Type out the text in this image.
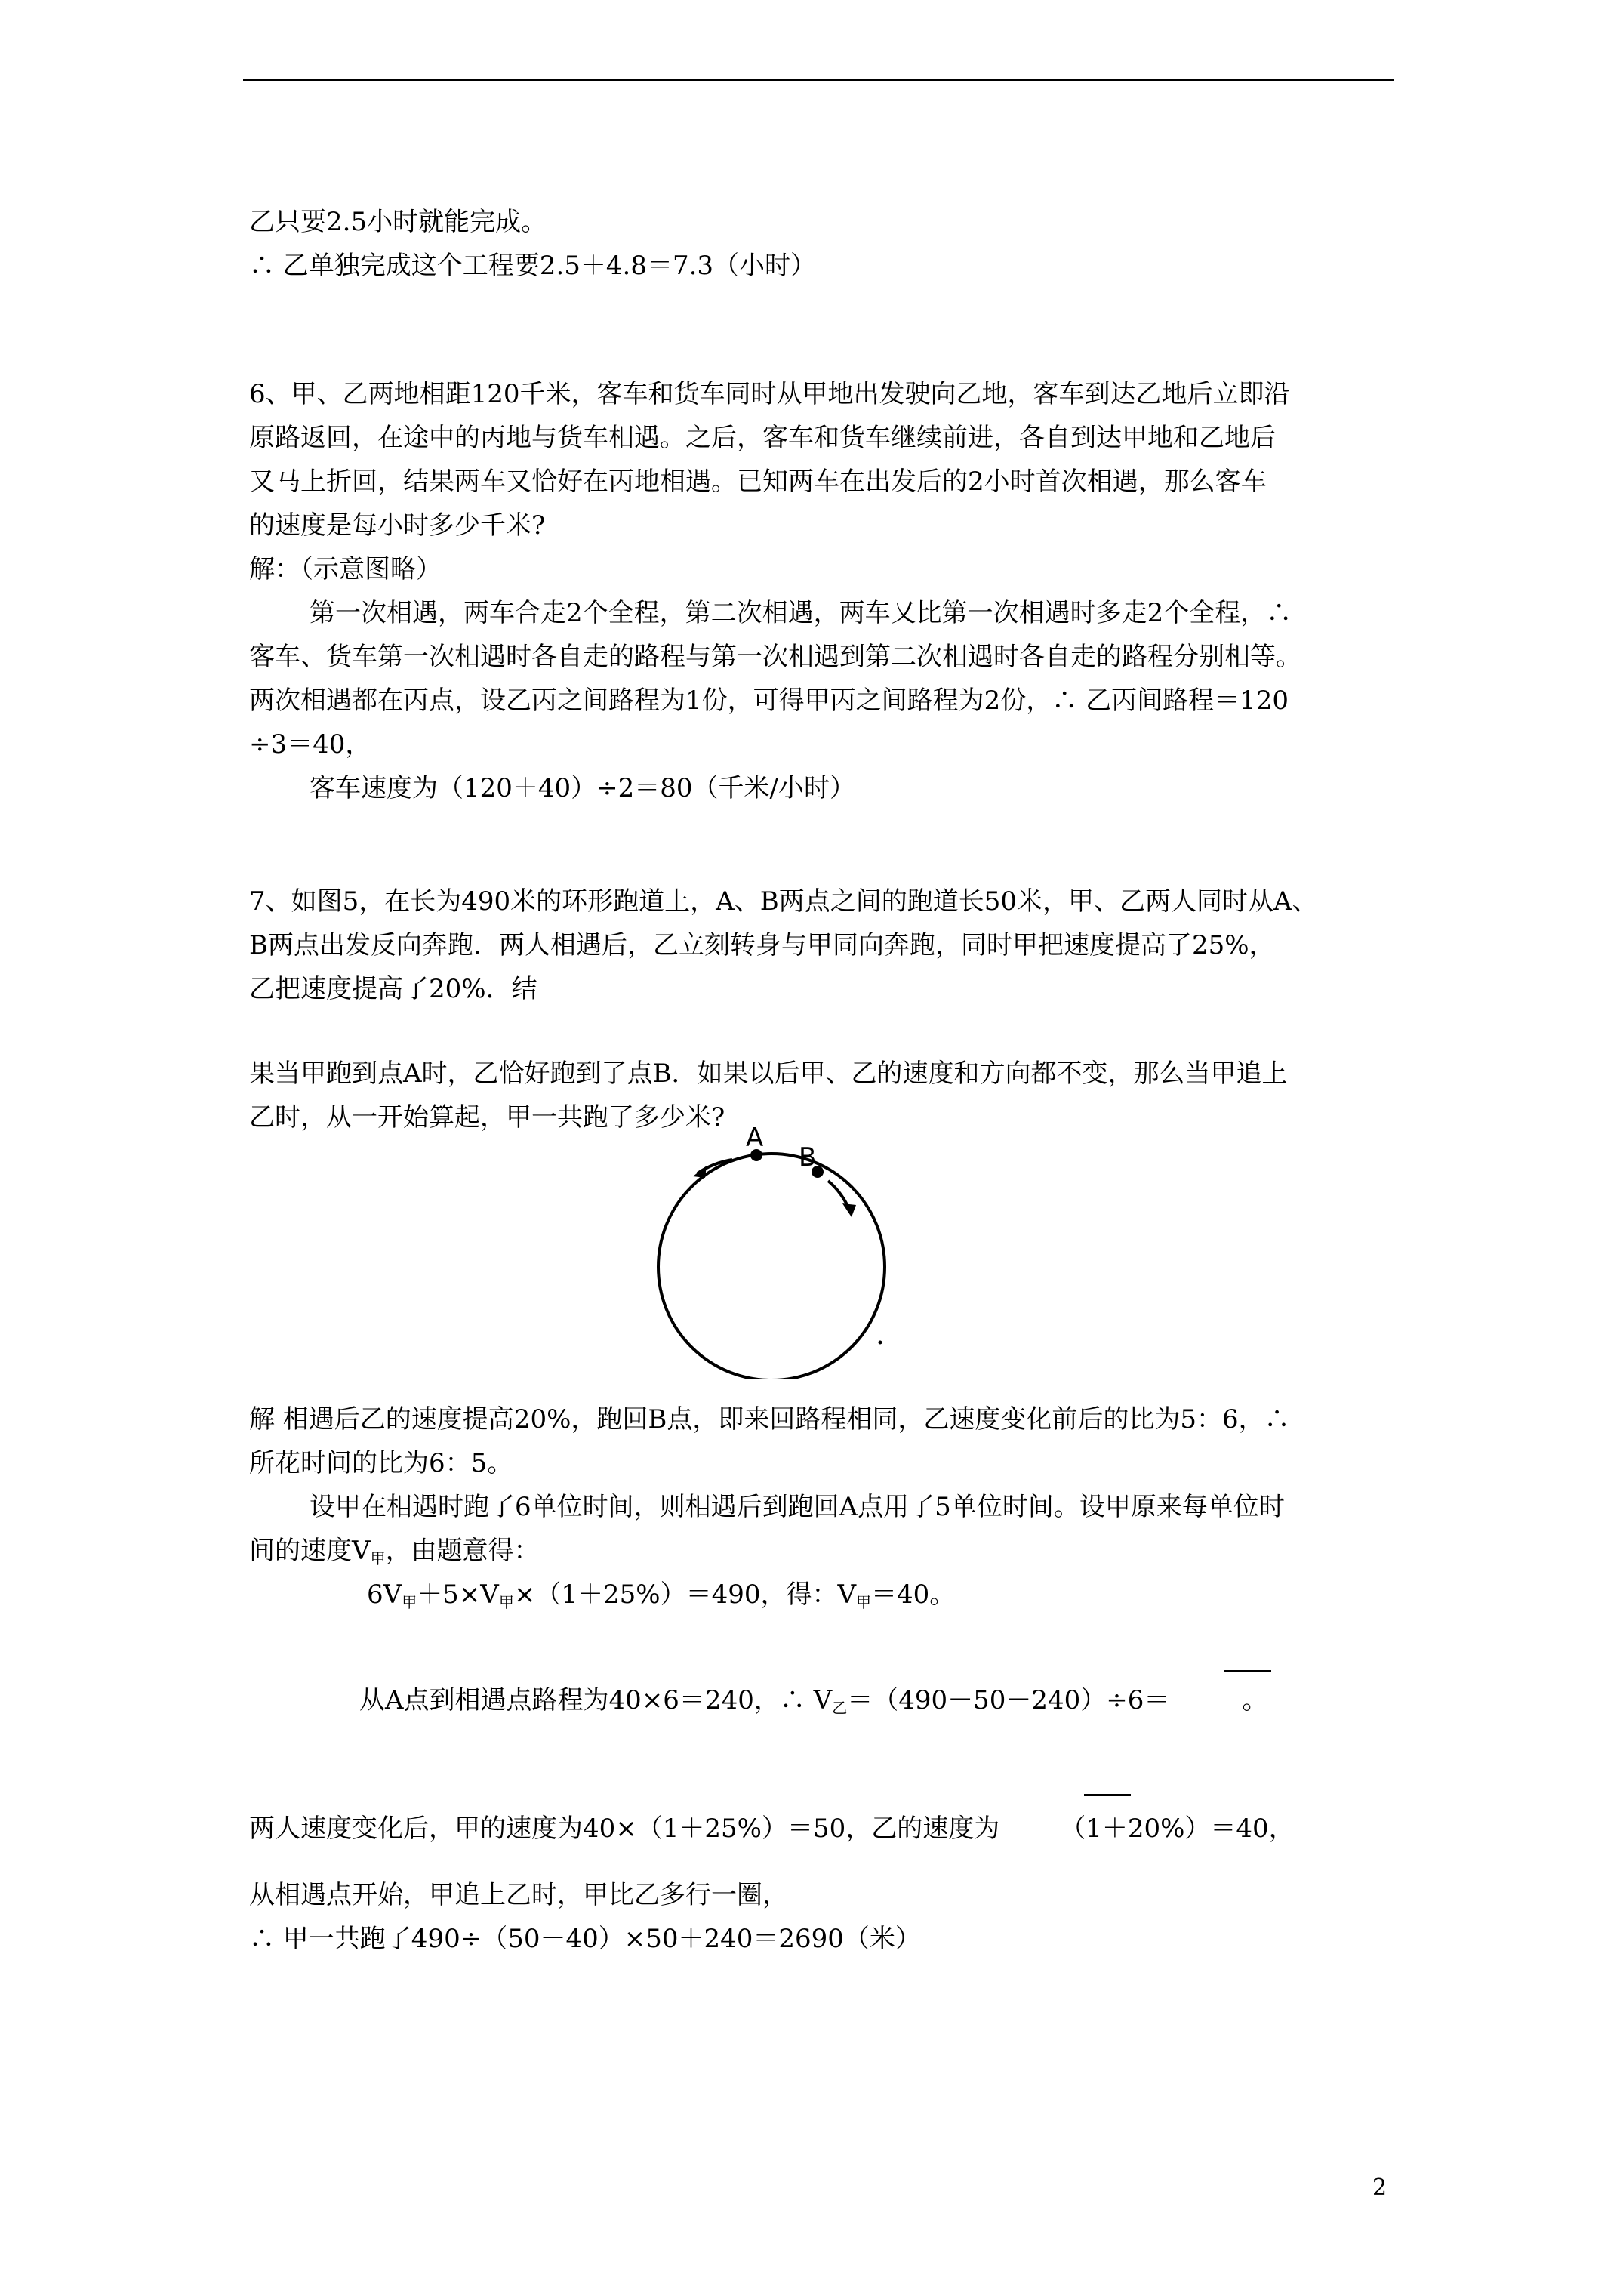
乙只要2.5小时就能完成。
∴ 乙单独完成这个工程要2.5＋4.8＝7.3（小时）
6、甲、乙两地相距120千米，客车和货车同时从甲地出发驶向乙地，客车到达乙地后立即沿
原路返回，在途中的丙地与货车相遇。之后，客车和货车继续前进，各自到达甲地和乙地后
又马上折回，结果两车又恰好在丙地相遇。已知两车在出发后的2小时首次相遇，那么客车
的速度是每小时多少千米?
解：（示意图略）
第一次相遇，两车合走2个全程，第二次相遇，两车又比第一次相遇时多走2个全程，∴
客车、货车第一次相遇时各自走的路程与第一次相遇到第二次相遇时各自走的路程分别相等。
两次相遇都在丙点，设乙丙之间路程为1份，可得甲丙之间路程为2份，∴ 乙丙间路程＝120
÷3＝40，
客车速度为（120＋40）÷2＝80（千米/小时）
7、如图5，在长为490米的环形跑道上，A、B两点之间的跑道长50米，甲、乙两人同时从A、
B两点出发反向奔跑．两人相遇后，乙立刻转身与甲同向奔跑，同时甲把速度提高了25%，
乙把速度提高了20%．结
果当甲跑到点A时，乙恰好跑到了点B．如果以后甲、乙的速度和方向都不变，那么当甲追上
乙时，从一开始算起，甲一共跑了多少米?
A
B
解 相遇后乙的速度提高20%，跑回B点，即来回路程相同，乙速度变化前后的比为5：6，∴
所花时间的比为6：5。
设甲在相遇时跑了6单位时间，则相遇后到跑回A点用了5单位时间。设甲原来每单位时
间的速度V甲，由题意得：
6V甲＋5×V甲×（1＋25%）＝490，得：V甲＝40。
从A点到相遇点路程为40×6＝240，∴ V乙＝（490－50－240）÷6＝	。
两人速度变化后，甲的速度为40×（1＋25%）＝50，乙的速度为 （1＋20%）＝40，
从相遇点开始，甲追上乙时，甲比乙多行一圈，
∴ 甲一共跑了490÷（50－40）×50＋240＝2690（米）
2
